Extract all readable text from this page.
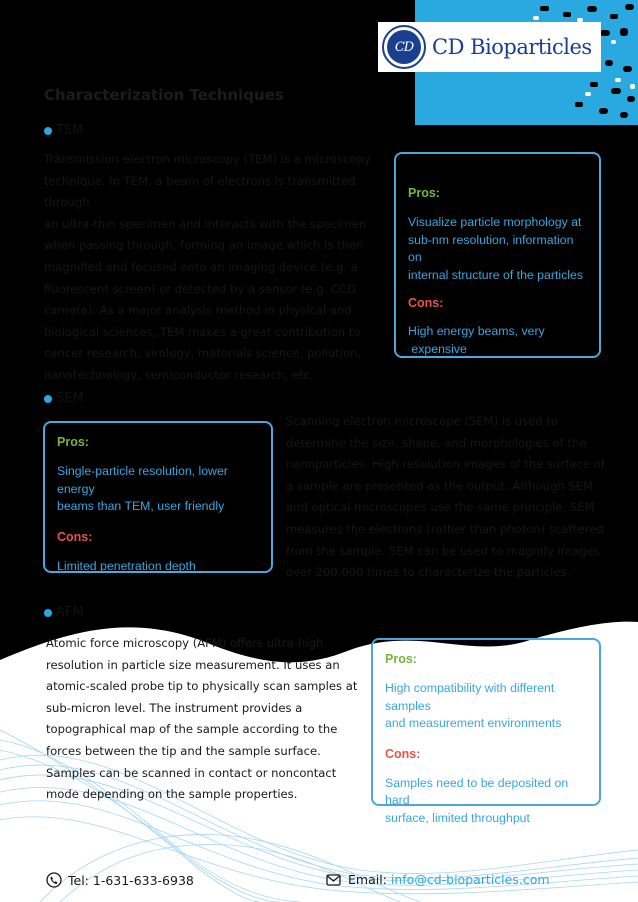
CD CD Bioparticles
Characterization Techniques
TEM
Transmission electron microscopy (TEM) is a microscopy
technique. In TEM, a beam of electrons is transmitted through
an ultra-thin specimen and interacts with the specimen
when passing through, forming an image which is then
magnified and focused onto an imaging device (e.g. a
fluorescent screen) or detected by a sensor (e.g. CCD
camera). As a major analysis method in physical and
biological sciences, TEM makes a great contribution to
cancer research, virology, materials science, pollution,
nanotechnology, semiconductor research, etc.
Pros:
Visualize particle morphology at
sub-nm resolution, information on
internal structure of the particles
Cons:
High energy beams, very
expensive
SEM
Pros:
Single-particle resolution, lower energy
beams than TEM, user friendly
Cons:
Limited penetration depth
Scanning electron microscope (SEM) is used to
determine the size, shape, and morphologies of the
nanoparticles. High resolution images of the surface of
a sample are presented as the output. Although SEM
and optical microscopes use the same principle, SEM
measures the electrons (rather than photon) scattered
from the sample. SEM can be used to magnify images
over 200,000 times to characterize the particles.
AFM
Atomic force microscopy (AFM) offers ultra-high
resolution in particle size measurement. It uses an
atomic-scaled probe tip to physically scan samples at
sub-micron level. The instrument provides a
topographical map of the sample according to the
forces between the tip and the sample surface.
Samples can be scanned in contact or noncontact
mode depending on the sample properties.
Pros:
High compatibility with different samples
and measurement environments
Cons:
Samples need to be deposited on hard
surface, limited throughput
Tel: 1-631-633-6938	Email: info@cd-bioparticles.com
